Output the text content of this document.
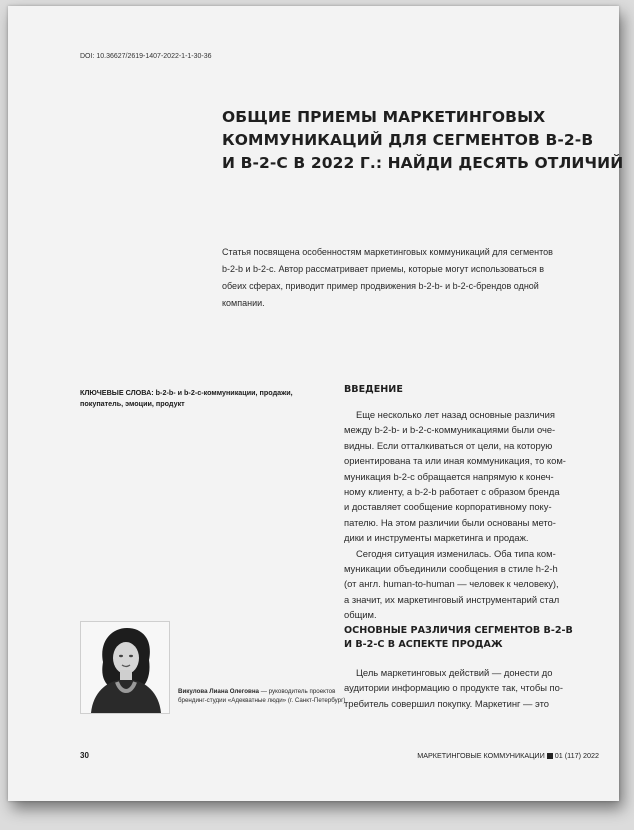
DOI: 10.36627/2619-1407-2022-1-1-30-36
ОБЩИЕ ПРИЕМЫ МАРКЕТИНГОВЫХ
КОММУНИКАЦИЙ ДЛЯ СЕГМЕНТОВ B-2-B
И B-2-C В 2022 Г.: НАЙДИ ДЕСЯТЬ ОТЛИЧИЙ
Статья посвящена особенностям маркетинговых коммуникаций для сегментов
b-2-b и b-2-c. Автор рассматривает приемы, которые могут использоваться в
обеих сферах, приводит пример продвижения b-2-b- и b-2-c-брендов одной
компании.
КЛЮЧЕВЫЕ СЛОВА: b-2-b- и b-2-c-коммуникации, продажи,
покупатель, эмоции, продукт
ВВЕДЕНИЕ
Еще несколько лет назад основные различия
между b-2-b- и b-2-c-коммуникациями были оче-
видны. Если отталкиваться от цели, на которую
ориентирована та или иная коммуникация, то ком-
муникация b-2-c обращается напрямую к конеч-
ному клиенту, а b-2-b работает с образом бренда
и доставляет сообщение корпоративному поку-
пателю. На этом различии были основаны мето-
дики и инструменты маркетинга и продаж.
Сегодня ситуация изменилась. Оба типа ком-
муникации объединили сообщения в стиле h-2-h
(от англ. human-to-human — человек к человеку),
а значит, их маркетинговый инструментарий стал
общим.
ОСНОВНЫЕ РАЗЛИЧИЯ СЕГМЕНТОВ B-2-B
И B-2-C В АСПЕКТЕ ПРОДАЖ
Цель маркетинговых действий — донести до
аудитории информацию о продукте так, чтобы по-
требитель совершил покупку. Маркетинг — это
Викулова Лиана Олеговна — руководитель проектов
брендинг-студии «Адекватные люди» (г. Санкт-Петербург)
30	МАРКЕТИНГОВЫЕ КОММУНИКАЦИИ 01 (117) 2022
